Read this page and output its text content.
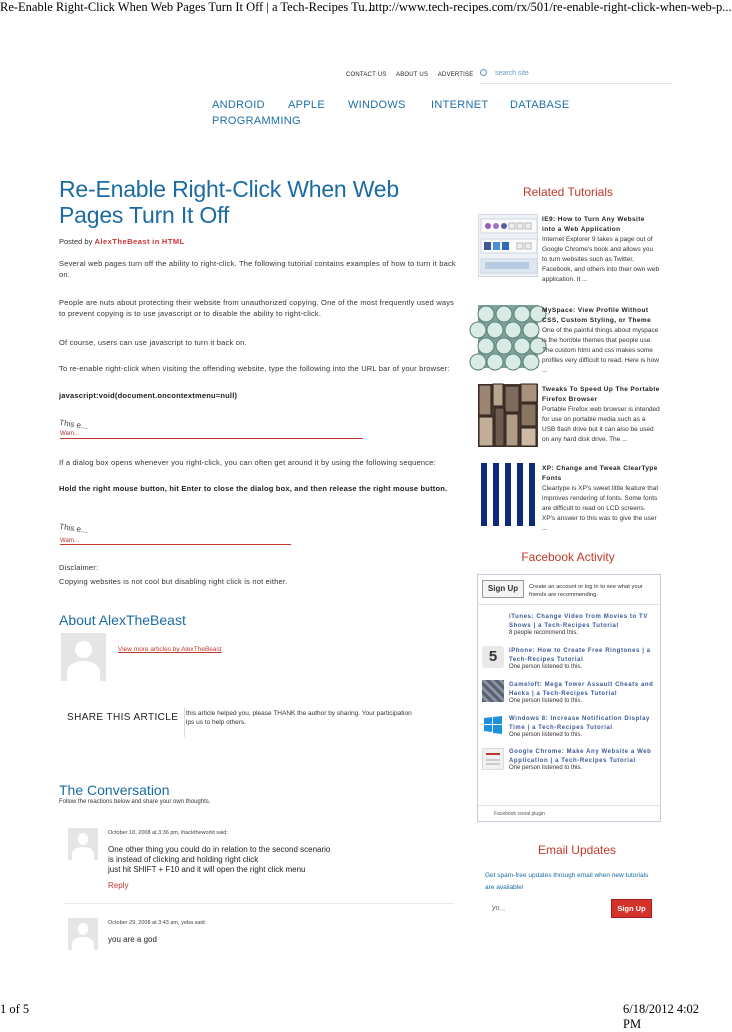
Re-Enable Right-Click When Web Pages Turn It Off | a Tech-Recipes Tu...
http://www.tech-recipes.com/rx/501/re-enable-right-click-when-web-p...
CONTACT US ABOUT US ADVERTISE	search site
ANDROID APPLE WINDOWS INTERNET DATABASE
PROGRAMMING
Re-Enable Right-Click When Web Pages Turn It Off
Posted by AlexTheBeast in HTML

Several web pages turn off the ability to right-click. The following tutorial contains examples of how to turn it back on.

People are nuts about protecting their website from unauthorized copying. One of the most frequently used ways to prevent copying is to use javascript or to disable the ability to right-click.

Of course, users can use javascript to turn it back on.

To re-enable right-click when visiting the offending website, type the following into the URL bar of your browser:

javascript:void(document.oncontextmenu=null)

This e...
Warn...

If a dialog box opens whenever you right-click, you can often get around it by using the following sequence:

Hold the right mouse button, hit Enter to close the dialog box, and then release the right mouse button.

This e...
Warn...

Disclaimer:

Copying websites is not cool but disabling right click is not either.

About AlexTheBeast
View more articles by AlexTheBeast
SHARE THIS ARTICLE this article helped you, please THANK the author by sharing. Your participation lps us to help others.
The Conversation
Follow the reactions below and share your own thoughts.
October 18, 2008 at 3:36 pm, ihacktheworld said:
One other thing you could do in relation to the second scenario
is instead of clicking and holding right click
just hit SHIFT + F10 and it will open the right click menu
Reply
October 29, 2008 at 3:43 am, yeba said:
you are a god
Related Tutorials
IE9: How to Turn Any Website into a Web Application
Internet Explorer 9 takes a page out of Google Chrome's book and allows you to turn websites such as Twitter, Facebook, and others into their own web application. It ...
MySpace: View Profile Without CSS, Custom Styling, or Theme
One of the painful things about myspace is the horrible themes that people use. The custom html and css makes some profiles very difficult to read. Here is how ...
Tweaks To Speed Up The Portable Firefox Browser
Portable Firefox web browser is intended for use on portable media such as a USB flash drive but it can also be used on any hard disk drive. The ...
XP: Change and Tweak ClearType Fonts
Cleartype is XP's sweet little feature that improves rendering of fonts. Some fonts are difficult to read on LCD screens. XP's answer to this was to give the user ...
Facebook Activity
Sign Up	Create an account or log in to see what your friends are recommending.
iTunes: Change Video from Movies to TV Shows | a Tech-Recipes Tutorial
8 people recommend this.
5	iPhone: How to Create Free Ringtones | a Tech-Recipes Tutorial
One person listened to this.
Gameloft: Mega Tower Assault Cheats and Hacks | a Tech-Recipes Tutorial
One person listened to this.
Windows 8: Increase Notification Display Time | a Tech-Recipes Tutorial
One person listened to this.
Google Chrome: Make Any Website a Web Application | a Tech-Recipes Tutorial
One person listened to this.
Facebook social plugin
Email Updates
Get spam-free updates through email when new tutorials are available!
yo...	Sign Up
1 of 5	6/18/2012 4:02 PM
